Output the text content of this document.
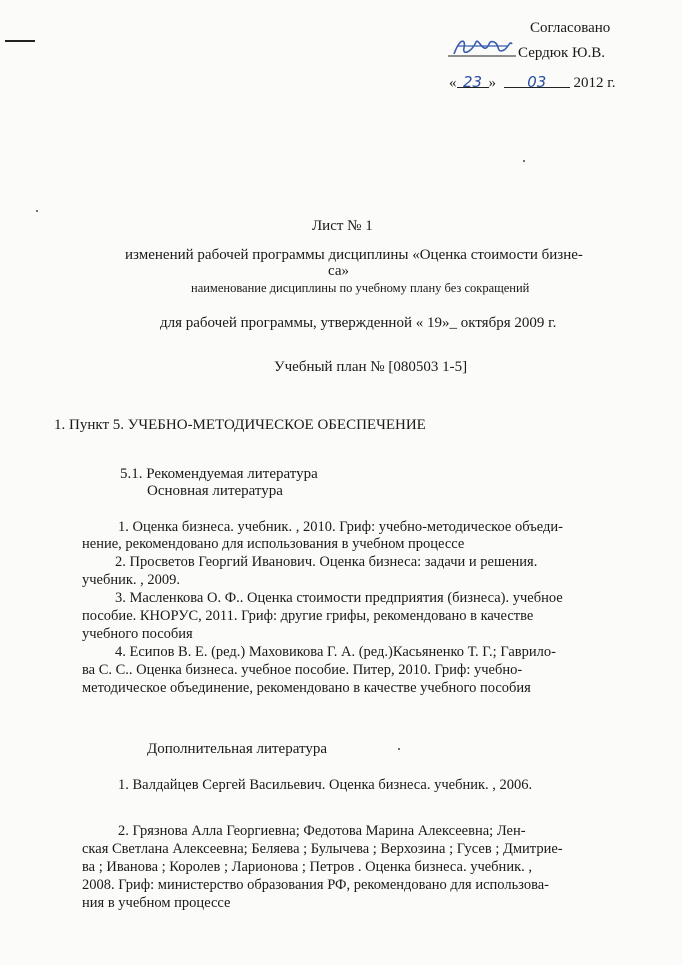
Согласовано
Сердюк Ю.В.
« 23 » 03 2012 г.
Лист № 1
изменений рабочей программы дисциплины «Оценка стоимости бизне-
са»
наименование дисциплины по учебному плану без сокращений
для рабочей программы, утвержденной « 19»_ октября 2009 г.
Учебный план № [080503 1-5]
1. Пункт 5. УЧЕБНО-МЕТОДИЧЕСКОЕ ОБЕСПЕЧЕНИЕ
5.1. Рекомендуемая литература
Основная литература
1. Оценка бизнеса. учебник. , 2010. Гриф: учебно-методическое объеди-
нение, рекомендовано для использования в учебном процессе
2. Просветов Георгий Иванович. Оценка бизнеса: задачи и решения.
учебник. , 2009.
3. Масленкова О. Ф.. Оценка стоимости предприятия (бизнеса). учебное
пособие. КНОРУС, 2011. Гриф: другие грифы, рекомендовано в качестве
учебного пособия
4. Есипов В. Е. (ред.) Маховикова Г. А. (ред.)Касьяненко Т. Г.; Гаврило-
ва С. С.. Оценка бизнеса. учебное пособие. Питер, 2010. Гриф: учебно-
методическое объединение, рекомендовано в качестве учебного пособия
Дополнительная литература
1. Валдайцев Сергей Васильевич. Оценка бизнеса. учебник. , 2006.
2. Грязнова Алла Георгиевна; Федотова Марина Алексеевна; Лен-
ская Светлана Алексеевна; Беляева ; Булычева ; Верхозина ; Гусев ; Дмитрие-
ва ; Иванова ; Королев ; Ларионова ; Петров . Оценка бизнеса. учебник. ,
2008. Гриф: министерство образования РФ, рекомендовано для использова-
ния в учебном процессе
